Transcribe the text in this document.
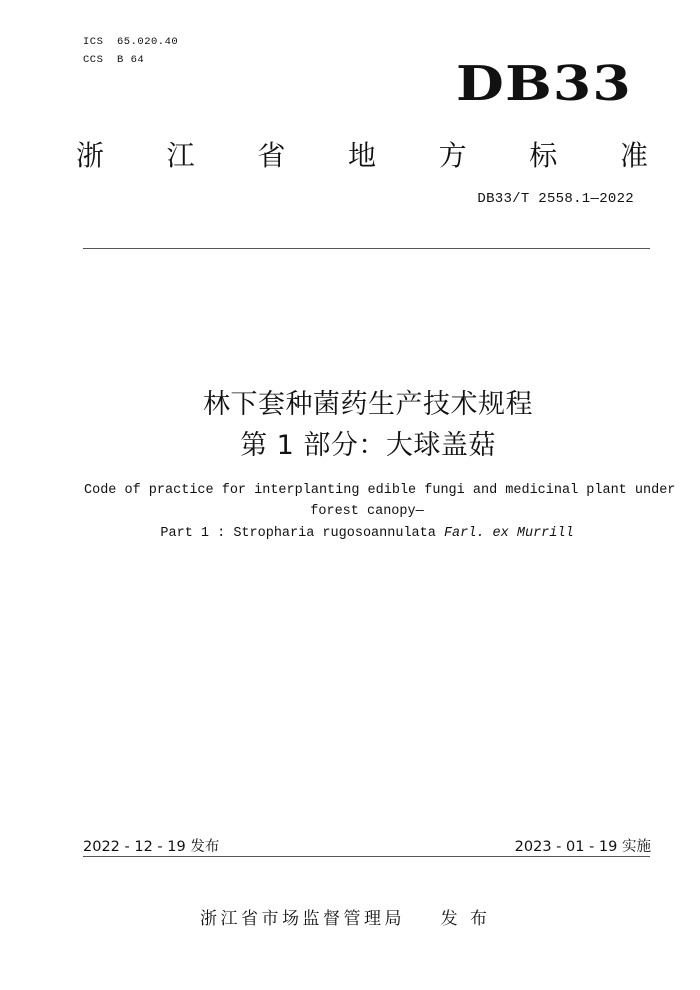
ICS  65.020.40
CCS  B 64	DB33
浙 江 省 地 方 标 准
DB33/T 2558.1—2022
林下套种菌药生产技术规程
第 1 部分：大球盖菇
Code of practice for interplanting edible fungi and medicinal plant under
forest canopy—
Part 1 : Stropharia rugosoannulata Farl. ex Murrill
2022 - 12 - 19 发布	2023 - 01 - 19 实施
浙江省市场监督管理局    发 布
